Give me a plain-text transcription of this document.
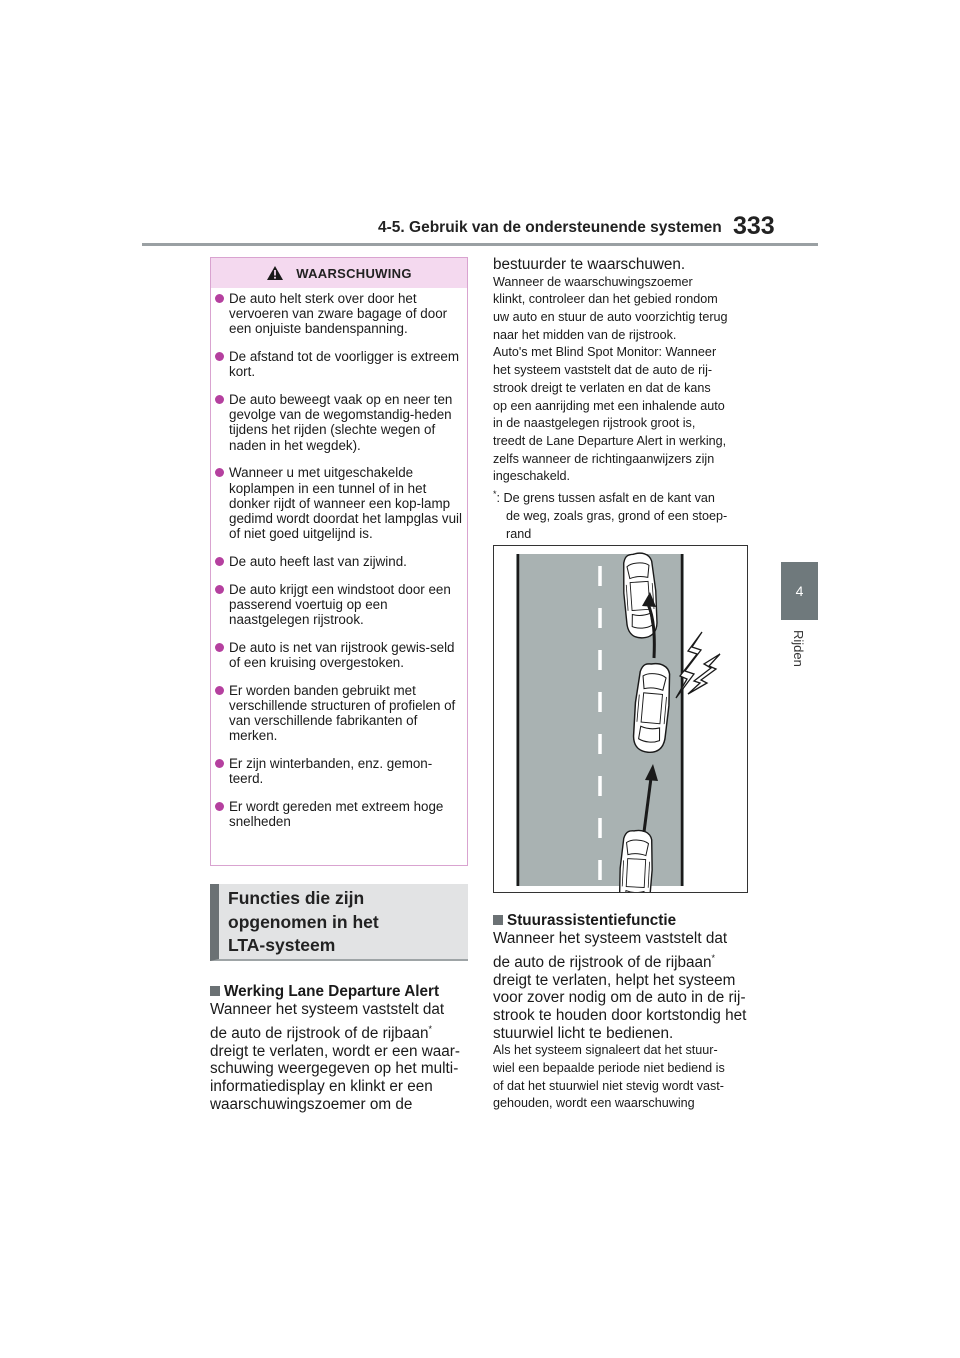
4-5. Gebruik van de ondersteunende systemen 333
4
Rijden
WAARSCHUWING
De auto helt sterk over door het vervoeren van zware bagage of door een onjuiste bandenspanning.
De afstand tot de voorligger is extreem kort.
De auto beweegt vaak op en neer ten gevolge van de wegomstandig-heden tijdens het rijden (slechte wegen of naden in het wegdek).
Wanneer u met uitgeschakelde koplampen in een tunnel of in het donker rijdt of wanneer een kop-lamp gedimd wordt doordat het lampglas vuil of niet goed uitgelijnd is.
De auto heeft last van zijwind.
De auto krijgt een windstoot door een passerend voertuig op een naastgelegen rijstrook.
De auto is net van rijstrook gewis-seld of een kruising overgestoken.
Er worden banden gebruikt met verschillende structuren of profielen of van verschillende fabrikanten of merken.
Er zijn winterbanden, enz. gemon-teerd.
Er wordt gereden met extreem hoge snelheden
Functies die zijn
opgenomen in het
LTA-systeem
Werking Lane Departure Alert
Wanneer het systeem vaststelt dat
de auto de rijstrook of de rijbaan*
dreigt te verlaten, wordt er een waar-
schuwing weergegeven op het multi-
informatiedisplay en klinkt er een
waarschuwingszoemer om de
bestuurder te waarschuwen.
Wanneer de waarschuwingszoemer
klinkt, controleer dan het gebied rondom
uw auto en stuur de auto voorzichtig terug
naar het midden van de rijstrook.
Auto's met Blind Spot Monitor: Wanneer
het systeem vaststelt dat de auto de rij-
strook dreigt te verlaten en dat de kans
op een aanrijding met een inhalende auto
in de naastgelegen rijstrook groot is,
treedt de Lane Departure Alert in werking,
zelfs wanneer de richtingaanwijzers zijn
ingeschakeld.
*: De grens tussen asfalt en de kant van
de weg, zoals gras, grond of een stoep-
rand
Stuurassistentiefunctie
Wanneer het systeem vaststelt dat
de auto de rijstrook of de rijbaan*
dreigt te verlaten, helpt het systeem
voor zover nodig om de auto in de rij-
strook te houden door kortstondig het
stuurwiel licht te bedienen.
Als het systeem signaleert dat het stuur-
wiel een bepaalde periode niet bediend is
of dat het stuurwiel niet stevig wordt vast-
gehouden, wordt een waarschuwing
